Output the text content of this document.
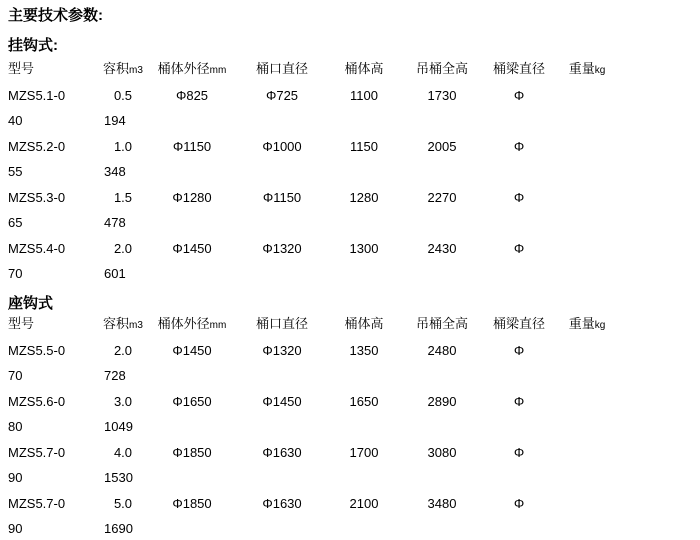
主要技术参数:
挂钩式:
型号	容积m3	桶体外径mm	桶口直径	桶体高	吊桶全高	桶梁直径	重量kg
MZS5.1-0	0.5	Φ825	Φ725	1100	1730	Φ
40	194
MZS5.2-0	1.0	Φ1150	Φ1000	1150	2005	Φ
55	348
MZS5.3-0	1.5	Φ1280	Φ1150	1280	2270	Φ
65	478
MZS5.4-0	2.0	Φ1450	Φ1320	1300	2430	Φ
70	601
座钩式
型号	容积m3	桶体外径mm	桶口直径	桶体高	吊桶全高	桶梁直径	重量kg
MZS5.5-0	2.0	Φ1450	Φ1320	1350	2480	Φ
70	728
MZS5.6-0	3.0	Φ1650	Φ1450	1650	2890	Φ
80	1049
MZS5.7-0	4.0	Φ1850	Φ1630	1700	3080	Φ
90	1530
MZS5.7-0	5.0	Φ1850	Φ1630	2100	3480	Φ
90	1690
